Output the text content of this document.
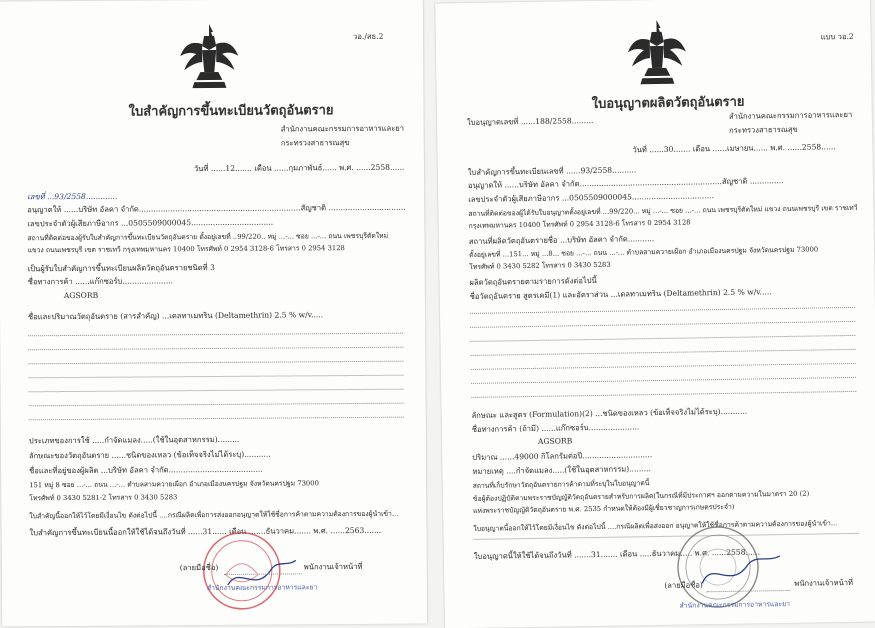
วอ./สธ.2
ใบสำคัญการขึ้นทะเบียนวัตถุอันตราย
สำนักงานคณะกรรมการอาหารและยา
กระทรวงสาธารณสุข
วันที่ ......12....... เดือน ......กุมภาพันธ์...... พ.ศ. ......2558......
เลขที่ ...93/2558.............
อนุญาตให้ ......บริษัท อัลคา จำกัด...................................................................สัญชาติ ................................
เลขประจำตัวผู้เสียภาษีอากร ...0505509000045..................................
สถานที่ติดต่อของผู้รับใบสำคัญการขึ้นทะเบียนวัตถุอันตราย ตั้งอยู่เลขที่ ..99/220.. หมู่ ...-... ซอย ...-... ถนน เพชรบุรีตัดใหม่
แขวง ถนนเพชรบุรี เขต ราชเทวี กรุงเทพมหานคร 10400 โทรศัพท์ 0 2954 3128-6 โทรสาร 0 2954 3128
เป็นผู้รับใบสำคัญการขึ้นทะเบียนผลิตวัตถุอันตรายชนิดที่ 3
ชื่อทางการค้า ......แก๊กซอร์บ.....................
AGSORB
ชื่อและปริมาณวัตถุอันตราย (สารสำคัญ) ...เดลทาเมทริน (Deltamethrin) 2.5 % w/v.....
ประเภทของการใช้ .....กำจัดแมลง.....(ใช้ในอุตสาหกรรม).........
ลักษณะของวัตถุอันตราย ......ชนิดของเหลว (ข้อเท็จจริงไม่ได้ระบุ)...........
ชื่อและที่อยู่ของผู้ผลิต ...บริษัท อัลคา จำกัด.......................................
151 หมู่ 8 ซอย ...-... ถนน ...-... ตำบลสามควายเผือก อำเภอเมืองนครปฐม จังหวัดนครปฐม 73000
โทรศัพท์ 0 3430 5281-2 โทรสาร 0 3430 5283
ใบสำคัญนี้ออกให้ไว้โดยมีเงื่อนไข ดังต่อไปนี้ ....กรณีผลิตเพื่อการส่งออกอนุญาตให้ใช้ชื่อการค้าตามความต้องการของผู้นำเข้า...
ใบสำคัญการขึ้นทะเบียนนี้ออกให้ใช้ได้จนถึงวันที่ ......31...... เดือน .......ธันวาคม....... พ.ศ. ......2563.......
(ลายมือชื่อ)	พนักงานเจ้าหน้าที่
สำนักงานคณะกรรมการอาหารและยา
แบบ วอ.2
ใบอนุญาตผลิตวัตถุอันตราย
ใบอนุญาตเลขที่ ......188/2558.........
สำนักงานคณะกรรมการอาหารและยา
กระทรวงสาธารณสุข
วันที่ ......30....... เดือน ......เมษายน...... พ.ศ. ......2558......
ใบสำคัญการขึ้นทะเบียนเลขที่ ......93/2558..........
อนุญาตให้ ......บริษัท อัลคา จำกัด...........................................................สัญชาติ ..............
เลขประจำตัวผู้เสียภาษีอากร ...0505509000045..................................
สถานที่ติดต่อของผู้ได้รับใบอนุญาตตั้งอยู่เลขที่ ...99/220... หมู่ ...-... ซอย ...-... ถนน เพชรบุรีตัดใหม่ แขวง ถนนเพชรบุรี เขต ราชเทวี
กรุงเทพมหานคร 10400 โทรศัพท์ 0 2954 3128-6 โทรสาร 0 2954 3128
สถานที่ผลิตวัตถุอันตรายชื่อ ...บริษัท อัลคา จำกัด...........
ตั้งอยู่เลขที่ ...151... หมู่ ...8... ซอย ...-... ถนน ...-... ตำบลสามควายเผือก อำเภอเมืองนครปฐม จังหวัดนครปฐม 73000
โทรศัพท์ 0 3430 5282 โทรสาร 0 3430 5283
ผลิตวัตถุอันตรายตามรายการดังต่อไปนี้
ชื่อวัตถุอันตราย สูตรเคมี(1) และอัตราส่วน ...เดลทาเมทริน (Deltamethrin) 2.5 % w/v.....
ลักษณะ และสูตร (Formulation)(2) ...ชนิดของเหลว (ข้อเท็จจริงไม่ได้ระบุ)...........
ชื่อทางการค้า (ถ้ามี) ......แก๊กซอร์บ.....................
AGSORB
ปริมาณ ......49000 กิโลกรัมต่อปี.............................
หมายเหตุ ....กำจัดแมลง.....(ใช้ในอุตสาหกรรม).........
สถานที่เก็บรักษาวัตถุอันตรายการค้าตามที่ระบุในใบอนุญาตนี้
ข้อผู้ต้องปฏิบัติตามพระราชบัญญัติวัตถุอันตรายสำหรับการผลิต(ในกรณีที่มีประกาศฯ ออกตามความในมาตรา 20 (2)
แห่งพระราชบัญญัติวัตถุอันตราย พ.ศ. 2535 กำหนดให้ต้องมีผู้เชี่ยวชาญการเกษตรประจำ)
ใบอนุญาตนี้ออกให้ไว้โดยมีเงื่อนไข ดังต่อไปนี้ ....กรณีผลิตเพื่อส่งออก อนุญาตให้ใช้ชื่อการค้าตามความต้องการของผู้นำเข้า...
ใบอนุญาตนี้ให้ใช้ได้จนถึงวันที่ .......31....... เดือน .....ธันวาคม..... พ.ศ. ......2558......
(ลายมือชื่อ)	พนักงานเจ้าหน้าที่
สำนักงานคณะกรรมการอาหารและยา
